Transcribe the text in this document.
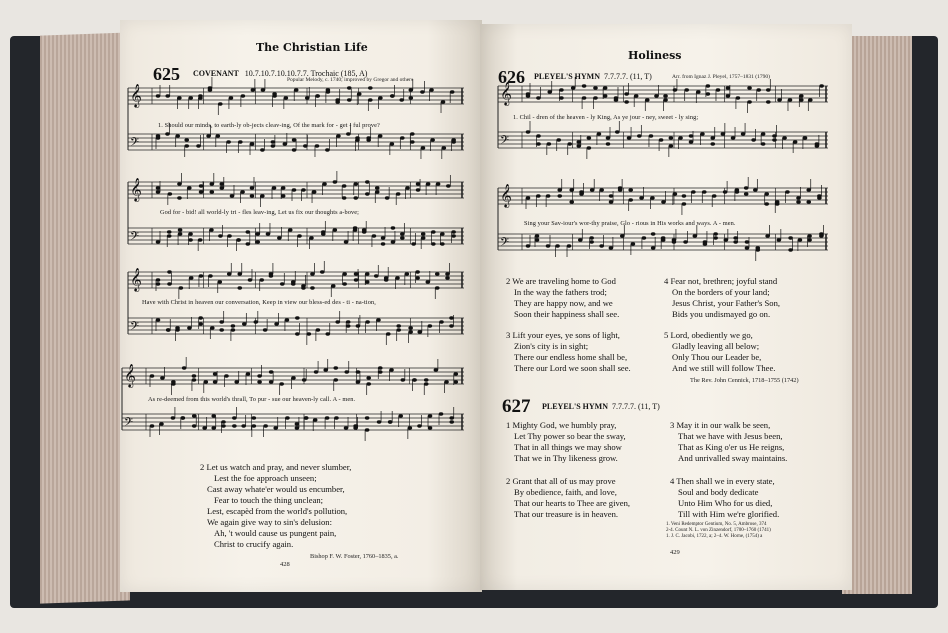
The Christian Life
625 COVENANT 10.7.10.7.10.10.7.7. Trochaic (185, A)
Popular Melody, c. 1740; improved by Gregor and others
𝄞
𝄢
1. Should our minds, to earth-ly ob-jects cleav-ing, Of the mark for - get - ful prove?
𝄞
𝄢
God for - bid! all world-ly tri - fles leav-ing, Let us fix our thoughts a-bove;
𝄞
𝄢
Have with Christ in heaven our conversation, Keep in view our bless-ed des - ti - na-tion,
𝄞
𝄢
As re-deemed from this world's thrall, To pur - sue our heaven-ly call. A - men.
2 Let us watch and pray, and never slumber,
Lest the foe approach unseen;
Cast away whate'er would us encumber,
Fear to touch the thing unclean;
Lest, escapèd from the world's pollution,
We again give way to sin's delusion:
Ah, 't would cause us pungent pain,
Christ to crucify again.
Bishop F. W. Foster, 1760–1835, a.
428
Holiness
626 PLEYEL'S HYMN 7.7.7.7. (11, T)	Arr. from Ignaz J. Pleyel, 1757–1831 (1790)
𝄞
𝄢
1. Chil - dren of the heaven - ly King, As ye jour - ney, sweet - ly sing;
𝄞
𝄢
Sing your Sav-iour's wor-thy praise, Glo - rious in His works and ways. A - men.
2 We are traveling home to God
In the way the fathers trod;
They are happy now, and we
Soon their happiness shall see.
4 Fear not, brethren; joyful stand
On the borders of your land;
Jesus Christ, your Father's Son,
Bids you undismayed go on.
3 Lift your eyes, ye sons of light,
Zion's city is in sight;
There our endless home shall be,
There our Lord we soon shall see.
5 Lord, obediently we go,
Gladly leaving all below;
Only Thou our Leader be,
And we still will follow Thee.
The Rev. John Cennick, 1718–1755 (1742)
627 PLEYEL'S HYMN 7.7.7.7. (11, T)
1 Mighty God, we humbly pray,
Let Thy power so bear the sway,
That in all things we may show
That we in Thy likeness grow.
3 May it in our walk be seen,
That we have with Jesus been,
That as King o'er us He reigns,
And unrivalled sway maintains.
2 Grant that all of us may prove
By obedience, faith, and love,
That our hearts to Thee are given,
That our treasure is in heaven.
4 Then shall we in every state,
Soul and body dedicate
Unto Him Who for us died,
Till with Him we're glorified.
1. Veni Redemptor Gentium, No. 5, Ambrose, 374
2-4. Count N. L. von Zinzendorf, 1700–1760 (1741)
1. J. C. Jacobi, 1722, a; 2–4. W. Horne, (1754) a
429
